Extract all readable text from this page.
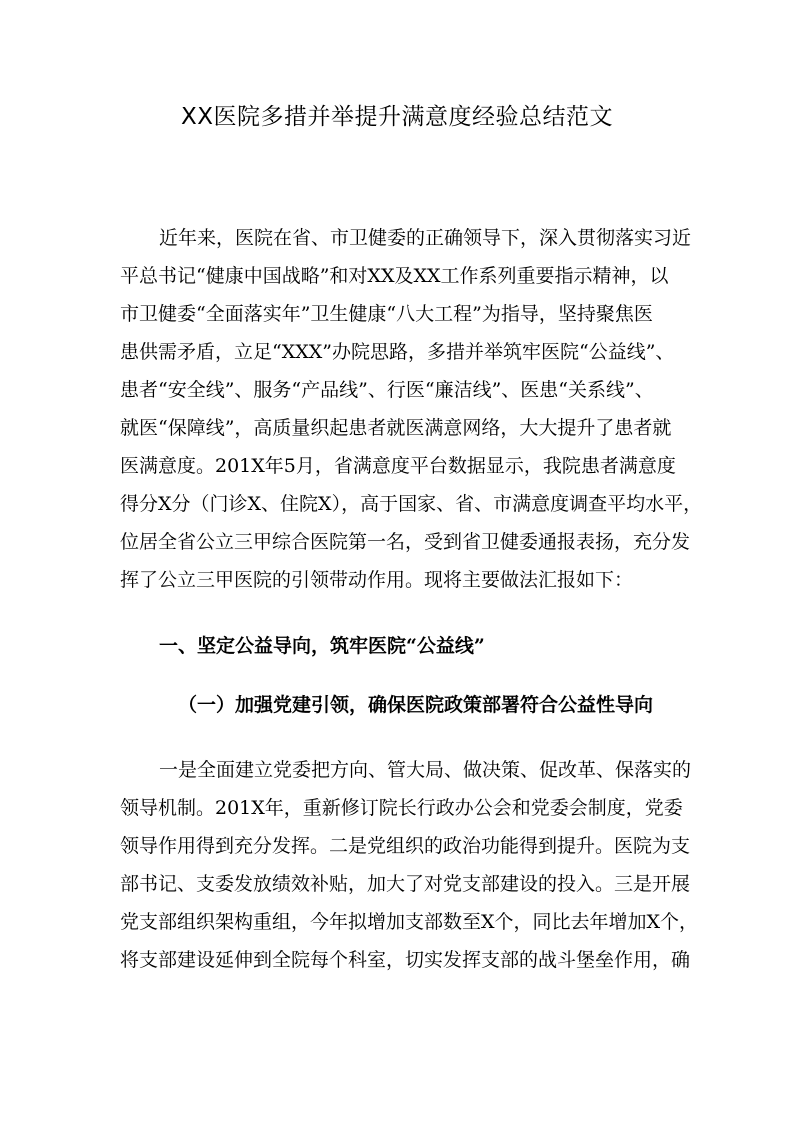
XX医院多措并举提升满意度经验总结范文

近年来，医院在省、市卫健委的正确领导下，深入贯彻落实习近

平总书记“健康中国战略”和对XX及XX工作系列重要指示精神，以

市卫健委“全面落实年”卫生健康“八大工程”为指导，坚持聚焦医

患供需矛盾，立足“XXX”办院思路，多措并举筑牢医院“公益线”、

患者“安全线”、服务“产品线”、行医“廉洁线”、医患“关系线”、

就医“保障线”，高质量织起患者就医满意网络，大大提升了患者就

医满意度。201X年5月，省满意度平台数据显示，我院患者满意度

得分X分（门诊X、住院X），高于国家、省、市满意度调查平均水平，

位居全省公立三甲综合医院第一名，受到省卫健委通报表扬，充分发

挥了公立三甲医院的引领带动作用。现将主要做法汇报如下：

一、坚定公益导向，筑牢医院“公益线”
（一）加强党建引领，确保医院政策部署符合公益性导向

一是全面建立党委把方向、管大局、做决策、促改革、保落实的

领导机制。201X年，重新修订院长行政办公会和党委会制度，党委

领导作用得到充分发挥。二是党组织的政治功能得到提升。医院为支

部书记、支委发放绩效补贴，加大了对党支部建设的投入。三是开展

党支部组织架构重组，今年拟增加支部数至X个，同比去年增加X个，

将支部建设延伸到全院每个科室，切实发挥支部的战斗堡垒作用，确
